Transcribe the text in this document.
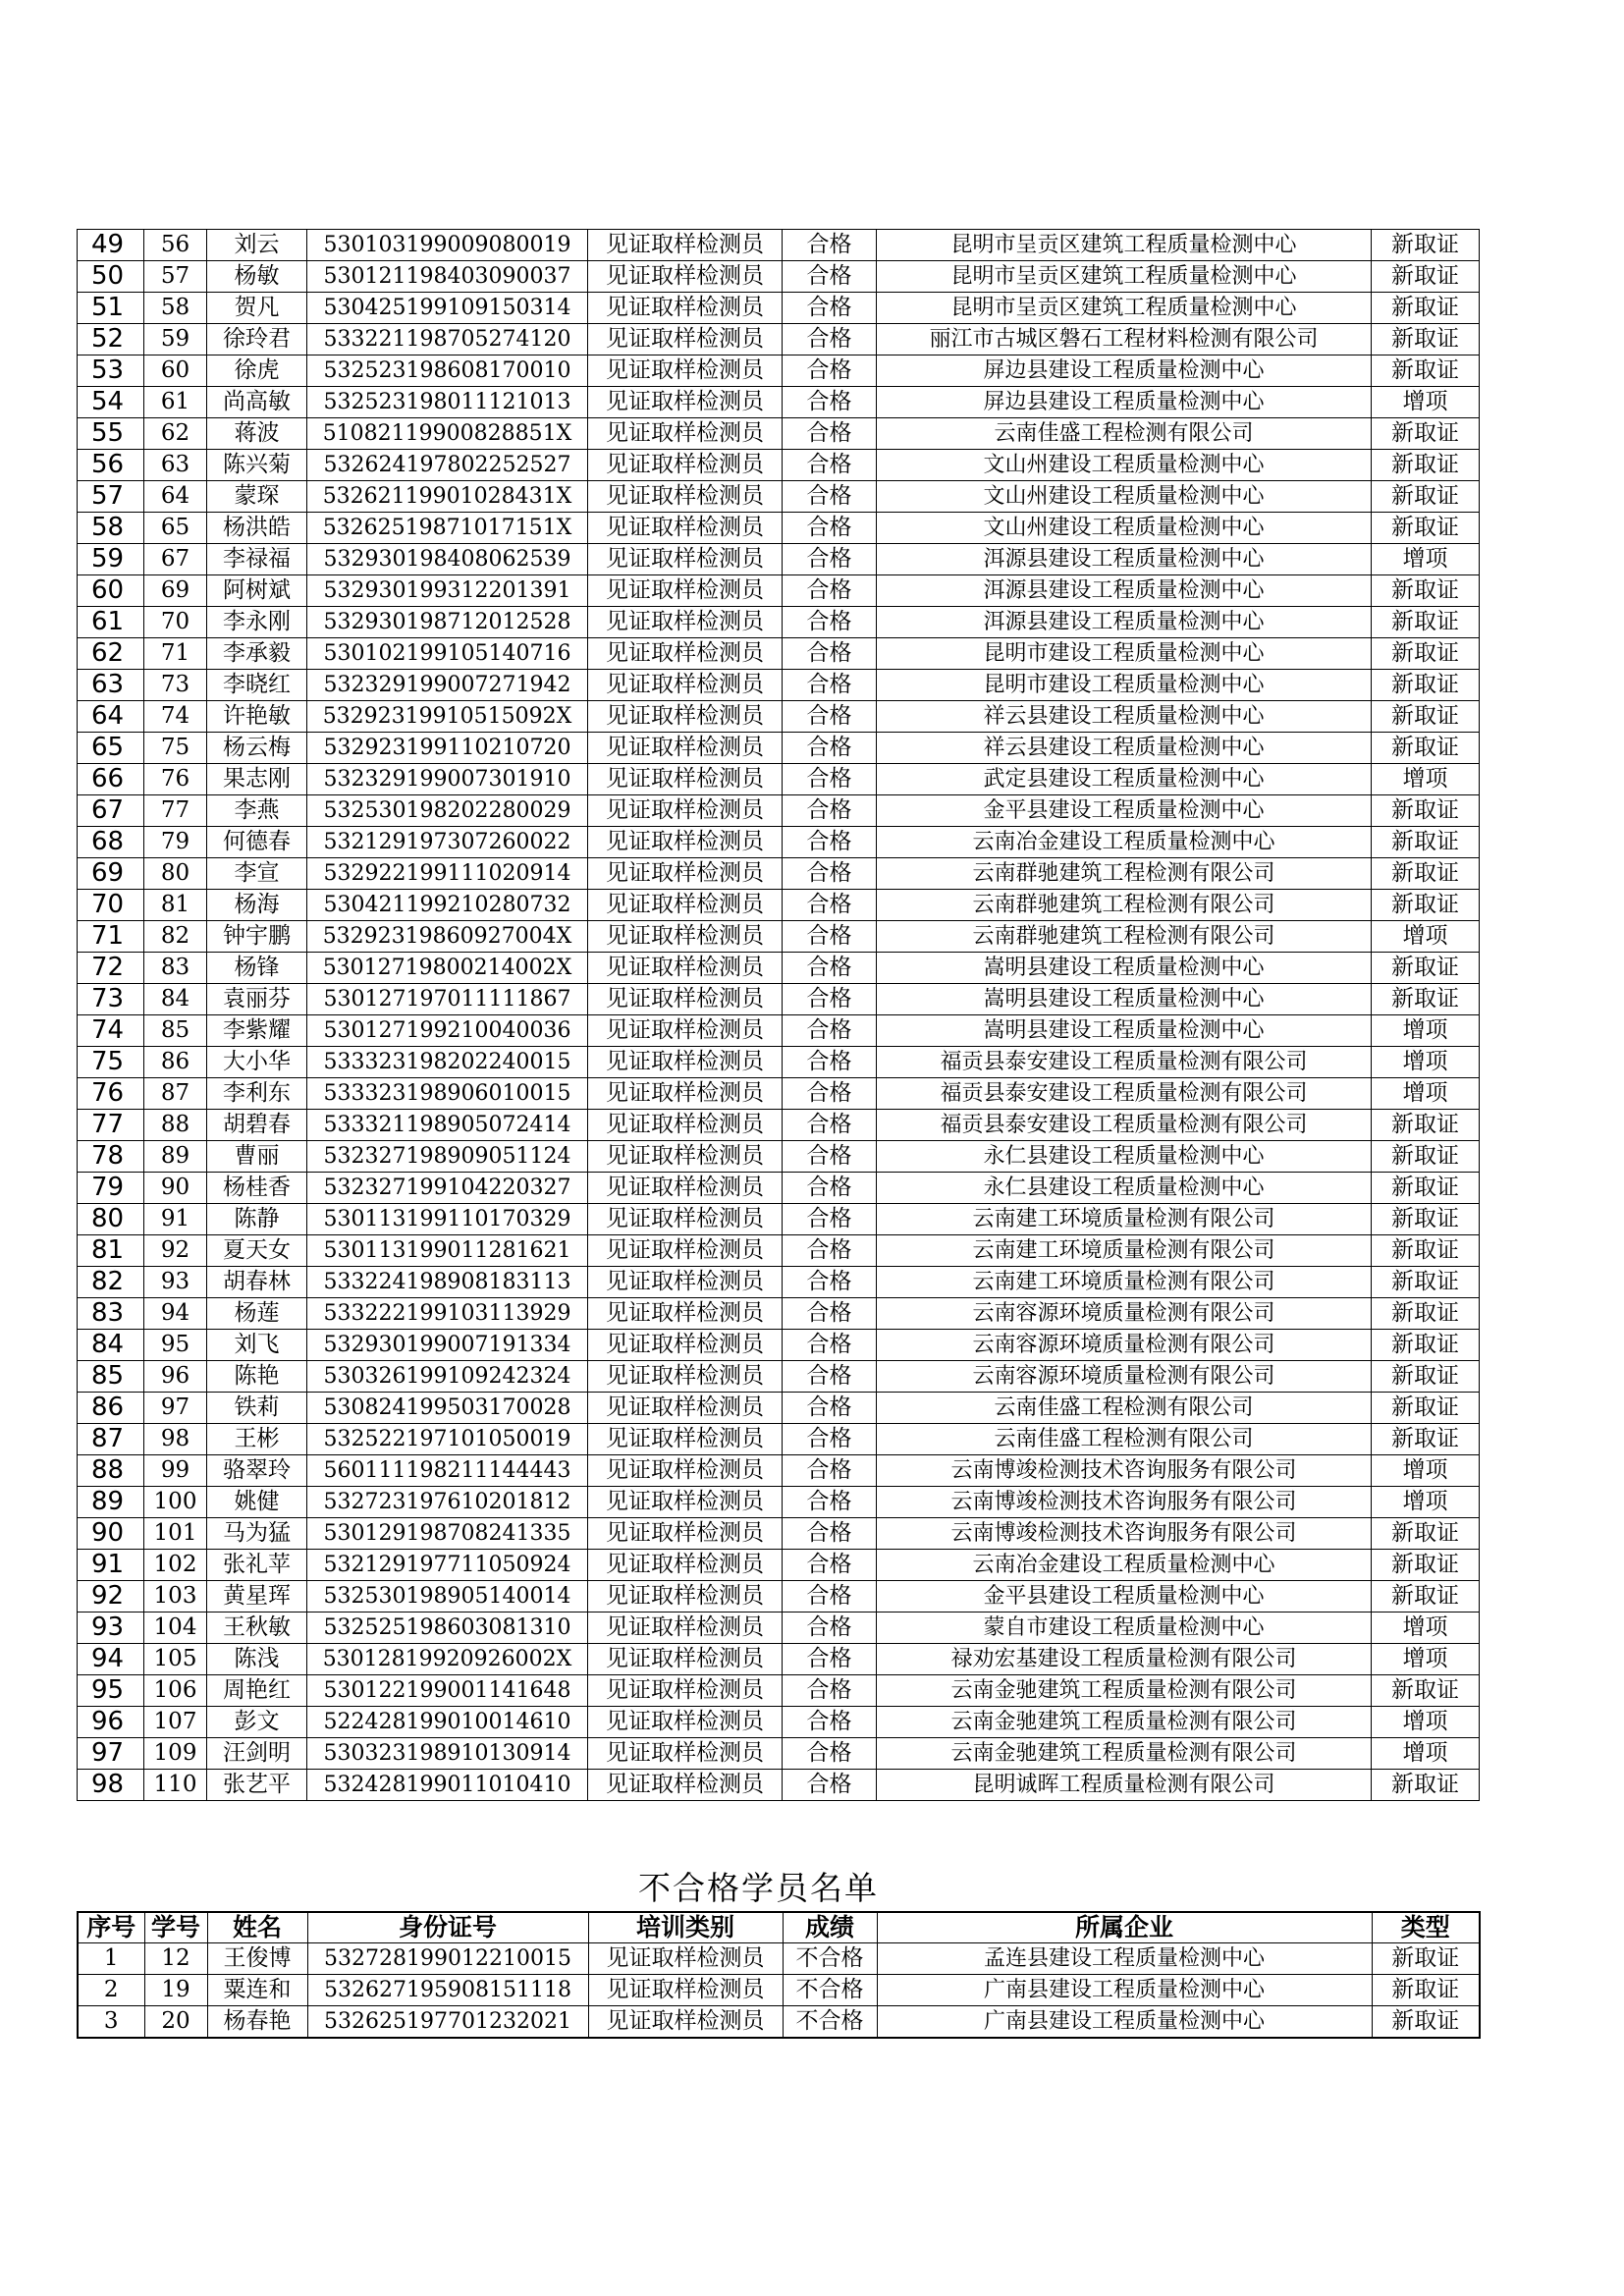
49	56	刘云	530103199009080019	见证取样检测员	合格	昆明市呈贡区建筑工程质量检测中心	新取证
50	57	杨敏	530121198403090037	见证取样检测员	合格	昆明市呈贡区建筑工程质量检测中心	新取证
51	58	贺凡	530425199109150314	见证取样检测员	合格	昆明市呈贡区建筑工程质量检测中心	新取证
52	59	徐玲君	533221198705274120	见证取样检测员	合格	丽江市古城区磐石工程材料检测有限公司	新取证
53	60	徐虎	532523198608170010	见证取样检测员	合格	屏边县建设工程质量检测中心	新取证
54	61	尚高敏	532523198011121013	见证取样检测员	合格	屏边县建设工程质量检测中心	增项
55	62	蒋波	51082119900828851X	见证取样检测员	合格	云南佳盛工程检测有限公司	新取证
56	63	陈兴菊	532624197802252527	见证取样检测员	合格	文山州建设工程质量检测中心	新取证
57	64	蒙琛	53262119901028431X	见证取样检测员	合格	文山州建设工程质量检测中心	新取证
58	65	杨洪皓	53262519871017151X	见证取样检测员	合格	文山州建设工程质量检测中心	新取证
59	67	李禄福	532930198408062539	见证取样检测员	合格	洱源县建设工程质量检测中心	增项
60	69	阿树斌	532930199312201391	见证取样检测员	合格	洱源县建设工程质量检测中心	新取证
61	70	李永刚	532930198712012528	见证取样检测员	合格	洱源县建设工程质量检测中心	新取证
62	71	李承毅	530102199105140716	见证取样检测员	合格	昆明市建设工程质量检测中心	新取证
63	73	李晓红	532329199007271942	见证取样检测员	合格	昆明市建设工程质量检测中心	新取证
64	74	许艳敏	53292319910515092X	见证取样检测员	合格	祥云县建设工程质量检测中心	新取证
65	75	杨云梅	532923199110210720	见证取样检测员	合格	祥云县建设工程质量检测中心	新取证
66	76	果志刚	532329199007301910	见证取样检测员	合格	武定县建设工程质量检测中心	增项
67	77	李燕	532530198202280029	见证取样检测员	合格	金平县建设工程质量检测中心	新取证
68	79	何德春	532129197307260022	见证取样检测员	合格	云南冶金建设工程质量检测中心	新取证
69	80	李宣	532922199111020914	见证取样检测员	合格	云南群驰建筑工程检测有限公司	新取证
70	81	杨海	530421199210280732	见证取样检测员	合格	云南群驰建筑工程检测有限公司	新取证
71	82	钟宇鹏	53292319860927004X	见证取样检测员	合格	云南群驰建筑工程检测有限公司	增项
72	83	杨锋	53012719800214002X	见证取样检测员	合格	嵩明县建设工程质量检测中心	新取证
73	84	袁丽芬	530127197011111867	见证取样检测员	合格	嵩明县建设工程质量检测中心	新取证
74	85	李紫耀	530127199210040036	见证取样检测员	合格	嵩明县建设工程质量检测中心	增项
75	86	大小华	533323198202240015	见证取样检测员	合格	福贡县泰安建设工程质量检测有限公司	增项
76	87	李利东	533323198906010015	见证取样检测员	合格	福贡县泰安建设工程质量检测有限公司	增项
77	88	胡碧春	533321198905072414	见证取样检测员	合格	福贡县泰安建设工程质量检测有限公司	新取证
78	89	曹丽	532327198909051124	见证取样检测员	合格	永仁县建设工程质量检测中心	新取证
79	90	杨桂香	532327199104220327	见证取样检测员	合格	永仁县建设工程质量检测中心	新取证
80	91	陈静	530113199110170329	见证取样检测员	合格	云南建工环境质量检测有限公司	新取证
81	92	夏天女	530113199011281621	见证取样检测员	合格	云南建工环境质量检测有限公司	新取证
82	93	胡春林	533224198908183113	见证取样检测员	合格	云南建工环境质量检测有限公司	新取证
83	94	杨莲	533222199103113929	见证取样检测员	合格	云南容源环境质量检测有限公司	新取证
84	95	刘飞	532930199007191334	见证取样检测员	合格	云南容源环境质量检测有限公司	新取证
85	96	陈艳	530326199109242324	见证取样检测员	合格	云南容源环境质量检测有限公司	新取证
86	97	铁莉	530824199503170028	见证取样检测员	合格	云南佳盛工程检测有限公司	新取证
87	98	王彬	532522197101050019	见证取样检测员	合格	云南佳盛工程检测有限公司	新取证
88	99	骆翠玲	560111198211144443	见证取样检测员	合格	云南博竣检测技术咨询服务有限公司	增项
89	100	姚健	532723197610201812	见证取样检测员	合格	云南博竣检测技术咨询服务有限公司	增项
90	101	马为猛	530129198708241335	见证取样检测员	合格	云南博竣检测技术咨询服务有限公司	新取证
91	102	张礼苹	532129197711050924	见证取样检测员	合格	云南冶金建设工程质量检测中心	新取证
92	103	黄星珲	532530198905140014	见证取样检测员	合格	金平县建设工程质量检测中心	新取证
93	104	王秋敏	532525198603081310	见证取样检测员	合格	蒙自市建设工程质量检测中心	增项
94	105	陈浅	53012819920926002X	见证取样检测员	合格	禄劝宏基建设工程质量检测有限公司	增项
95	106	周艳红	530122199001141648	见证取样检测员	合格	云南金驰建筑工程质量检测有限公司	新取证
96	107	彭文	522428199010014610	见证取样检测员	合格	云南金驰建筑工程质量检测有限公司	增项
97	109	汪剑明	530323198910130914	见证取样检测员	合格	云南金驰建筑工程质量检测有限公司	增项
98	110	张艺平	532428199011010410	见证取样检测员	合格	昆明诚晖工程质量检测有限公司	新取证
不合格学员名单
序号	学号	姓名	身份证号	培训类别	成绩	所属企业	类型
1	12	王俊博	532728199012210015	见证取样检测员	不合格	孟连县建设工程质量检测中心	新取证
2	19	粟连和	532627195908151118	见证取样检测员	不合格	广南县建设工程质量检测中心	新取证
3	20	杨春艳	532625197701232021	见证取样检测员	不合格	广南县建设工程质量检测中心	新取证
